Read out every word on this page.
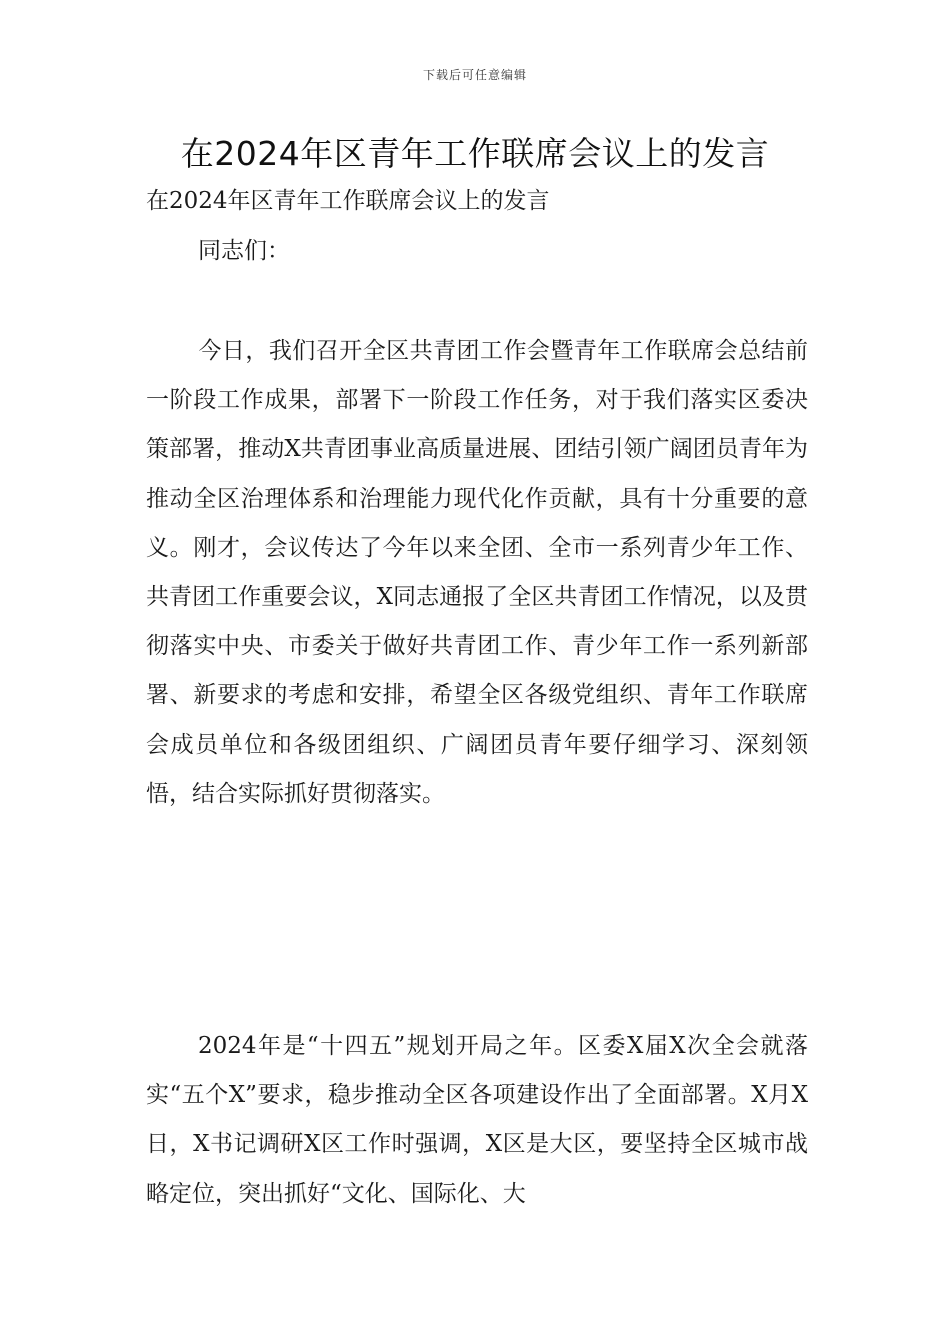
下载后可任意编辑
在2024年区青年工作联席会议上的发言
在2024年区青年工作联席会议上的发言
同志们：

今日，我们召开全区共青团工作会暨青年工作联席会总结前一阶段工作成果，部署下一阶段工作任务，对于我们落实区委决策部署，推动X共青团事业高质量进展、团结引领广阔团员青年为推动全区治理体系和治理能力现代化作贡献，具有十分重要的意义。刚才，会议传达了今年以来全团、全市一系列青少年工作、共青团工作重要会议，X同志通报了全区共青团工作情况，以及贯彻落实中央、市委关于做好共青团工作、青少年工作一系列新部署、新要求的考虑和安排，希望全区各级党组织、青年工作联席会成员单位和各级团组织、广阔团员青年要仔细学习、深刻领悟，结合实际抓好贯彻落实。

2024年是“十四五”规划开局之年。区委X届X次全会就落实“五个X”要求，稳步推动全区各项建设作出了全面部署。X月X日，X书记调研X区工作时强调，X区是大区，要坚持全区城市战略定位，突出抓好“文化、国际化、大
